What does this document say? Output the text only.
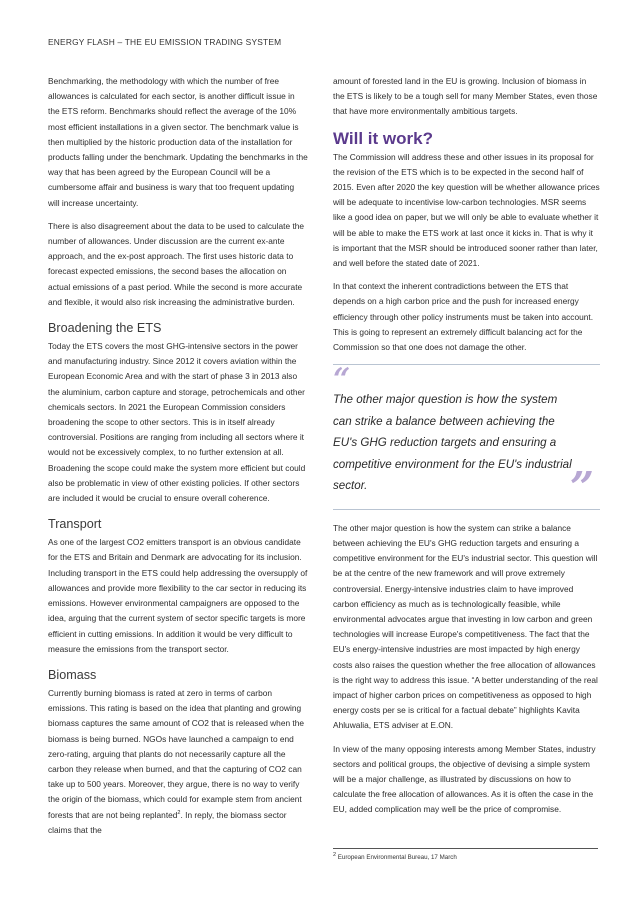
ENERGY FLASH – THE EU EMISSION TRADING SYSTEM

Benchmarking, the methodology with which the number of free allowances is calculated for each sector, is another difficult issue in the ETS reform. Benchmarks should reflect the average of the 10% most efficient installations in a given sector. The benchmark value is then multiplied by the historic production data of the installation for products falling under the benchmark. Updating the benchmarks in the way that has been agreed by the European Council will be a cumbersome affair and business is wary that too frequent updating will increase uncertainty.

There is also disagreement about the data to be used to calculate the number of allowances. Under discussion are the current ex-ante approach, and the ex-post approach. The first uses historic data to forecast expected emissions, the second bases the allocation on actual emissions of a past period. While the second is more accurate and flexible, it would also risk increasing the administrative burden.

Broadening the ETS

Today the ETS covers the most GHG-intensive sectors in the power and manufacturing industry. Since 2012 it covers aviation within the European Economic Area and with the start of phase 3 in 2013 also the aluminium, carbon capture and storage, petrochemicals and other chemicals sectors. In 2021 the European Commission considers broadening the scope to other sectors. This is in itself already controversial. Positions are ranging from including all sectors where it would not be excessively complex, to no further extension at all. Broadening the scope could make the system more efficient but could also be problematic in view of other existing policies. If other sectors are included it would be crucial to ensure overall coherence.

Transport

As one of the largest CO2 emitters transport is an obvious candidate for the ETS and Britain and Denmark are advocating for its inclusion. Including transport in the ETS could help addressing the oversupply of allowances and provide more flexibility to the car sector in reducing its emissions. However environmental campaigners are opposed to the idea, arguing that the current system of sector specific targets is more efficient in cutting emissions. In addition it would be very difficult to measure the emissions from the transport sector.

Biomass

Currently burning biomass is rated at zero in terms of carbon emissions. This rating is based on the idea that planting and growing biomass captures the same amount of CO2 that is released when the biomass is being burned. NGOs have launched a campaign to end zero-rating, arguing that plants do not necessarily capture all the carbon they release when burned, and that the capturing of CO2 can take up to 500 years. Moreover, they argue, there is no way to verify the origin of the biomass, which could for example stem from ancient forests that are not being replanted$^2$. In reply, the biomass sector claims that the

amount of forested land in the EU is growing. Inclusion of biomass in the ETS is likely to be a tough sell for many Member States, even those that have more environmentally ambitious targets.

Will it work?

The Commission will address these and other issues in its proposal for the revision of the ETS which is to be expected in the second half of 2015. Even after 2020 the key question will be whether allowance prices will be adequate to incentivise low-carbon technologies. MSR seems like a good idea on paper, but we will only be able to evaluate whether it will be able to make the ETS work at last once it kicks in. That is why it is important that the MSR should be introduced sooner rather than later, and well before the stated date of 2021.

In that context the inherent contradictions between the ETS that depends on a high carbon price and the push for increased energy efficiency through other policy instruments must be taken into account. This is going to represent an extremely difficult balancing act for the Commission so that one does not damage the other.

“

The other major question is how the system can strike a balance between achieving the EU's GHG reduction targets and ensuring a competitive environment for the EU's industrial sector.	”

The other major question is how the system can strike a balance between achieving the EU's GHG reduction targets and ensuring a competitive environment for the EU's industrial sector. This question will be at the centre of the new framework and will prove extremely controversial. Energy-intensive industries claim to have improved carbon efficiency as much as is technologically feasible, while environmental advocates argue that investing in low carbon and green technologies will increase Europe's competitiveness. The fact that the EU's energy-intensive industries are most impacted by high energy costs also raises the question whether the free allocation of allowances is the right way to address this issue. “A better understanding of the real impact of higher carbon prices on competitiveness as opposed to high energy costs per se is critical for a factual debate” highlights Kavita Ahluwalia, ETS adviser at E.ON.

In view of the many opposing interests among Member States, industry sectors and political groups, the objective of devising a simple system will be a major challenge, as illustrated by discussions on how to calculate the free allocation of allowances. As it is often the case in the EU, added complication may well be the price of compromise.

$^2$ European Environmental Bureau, 17 March
